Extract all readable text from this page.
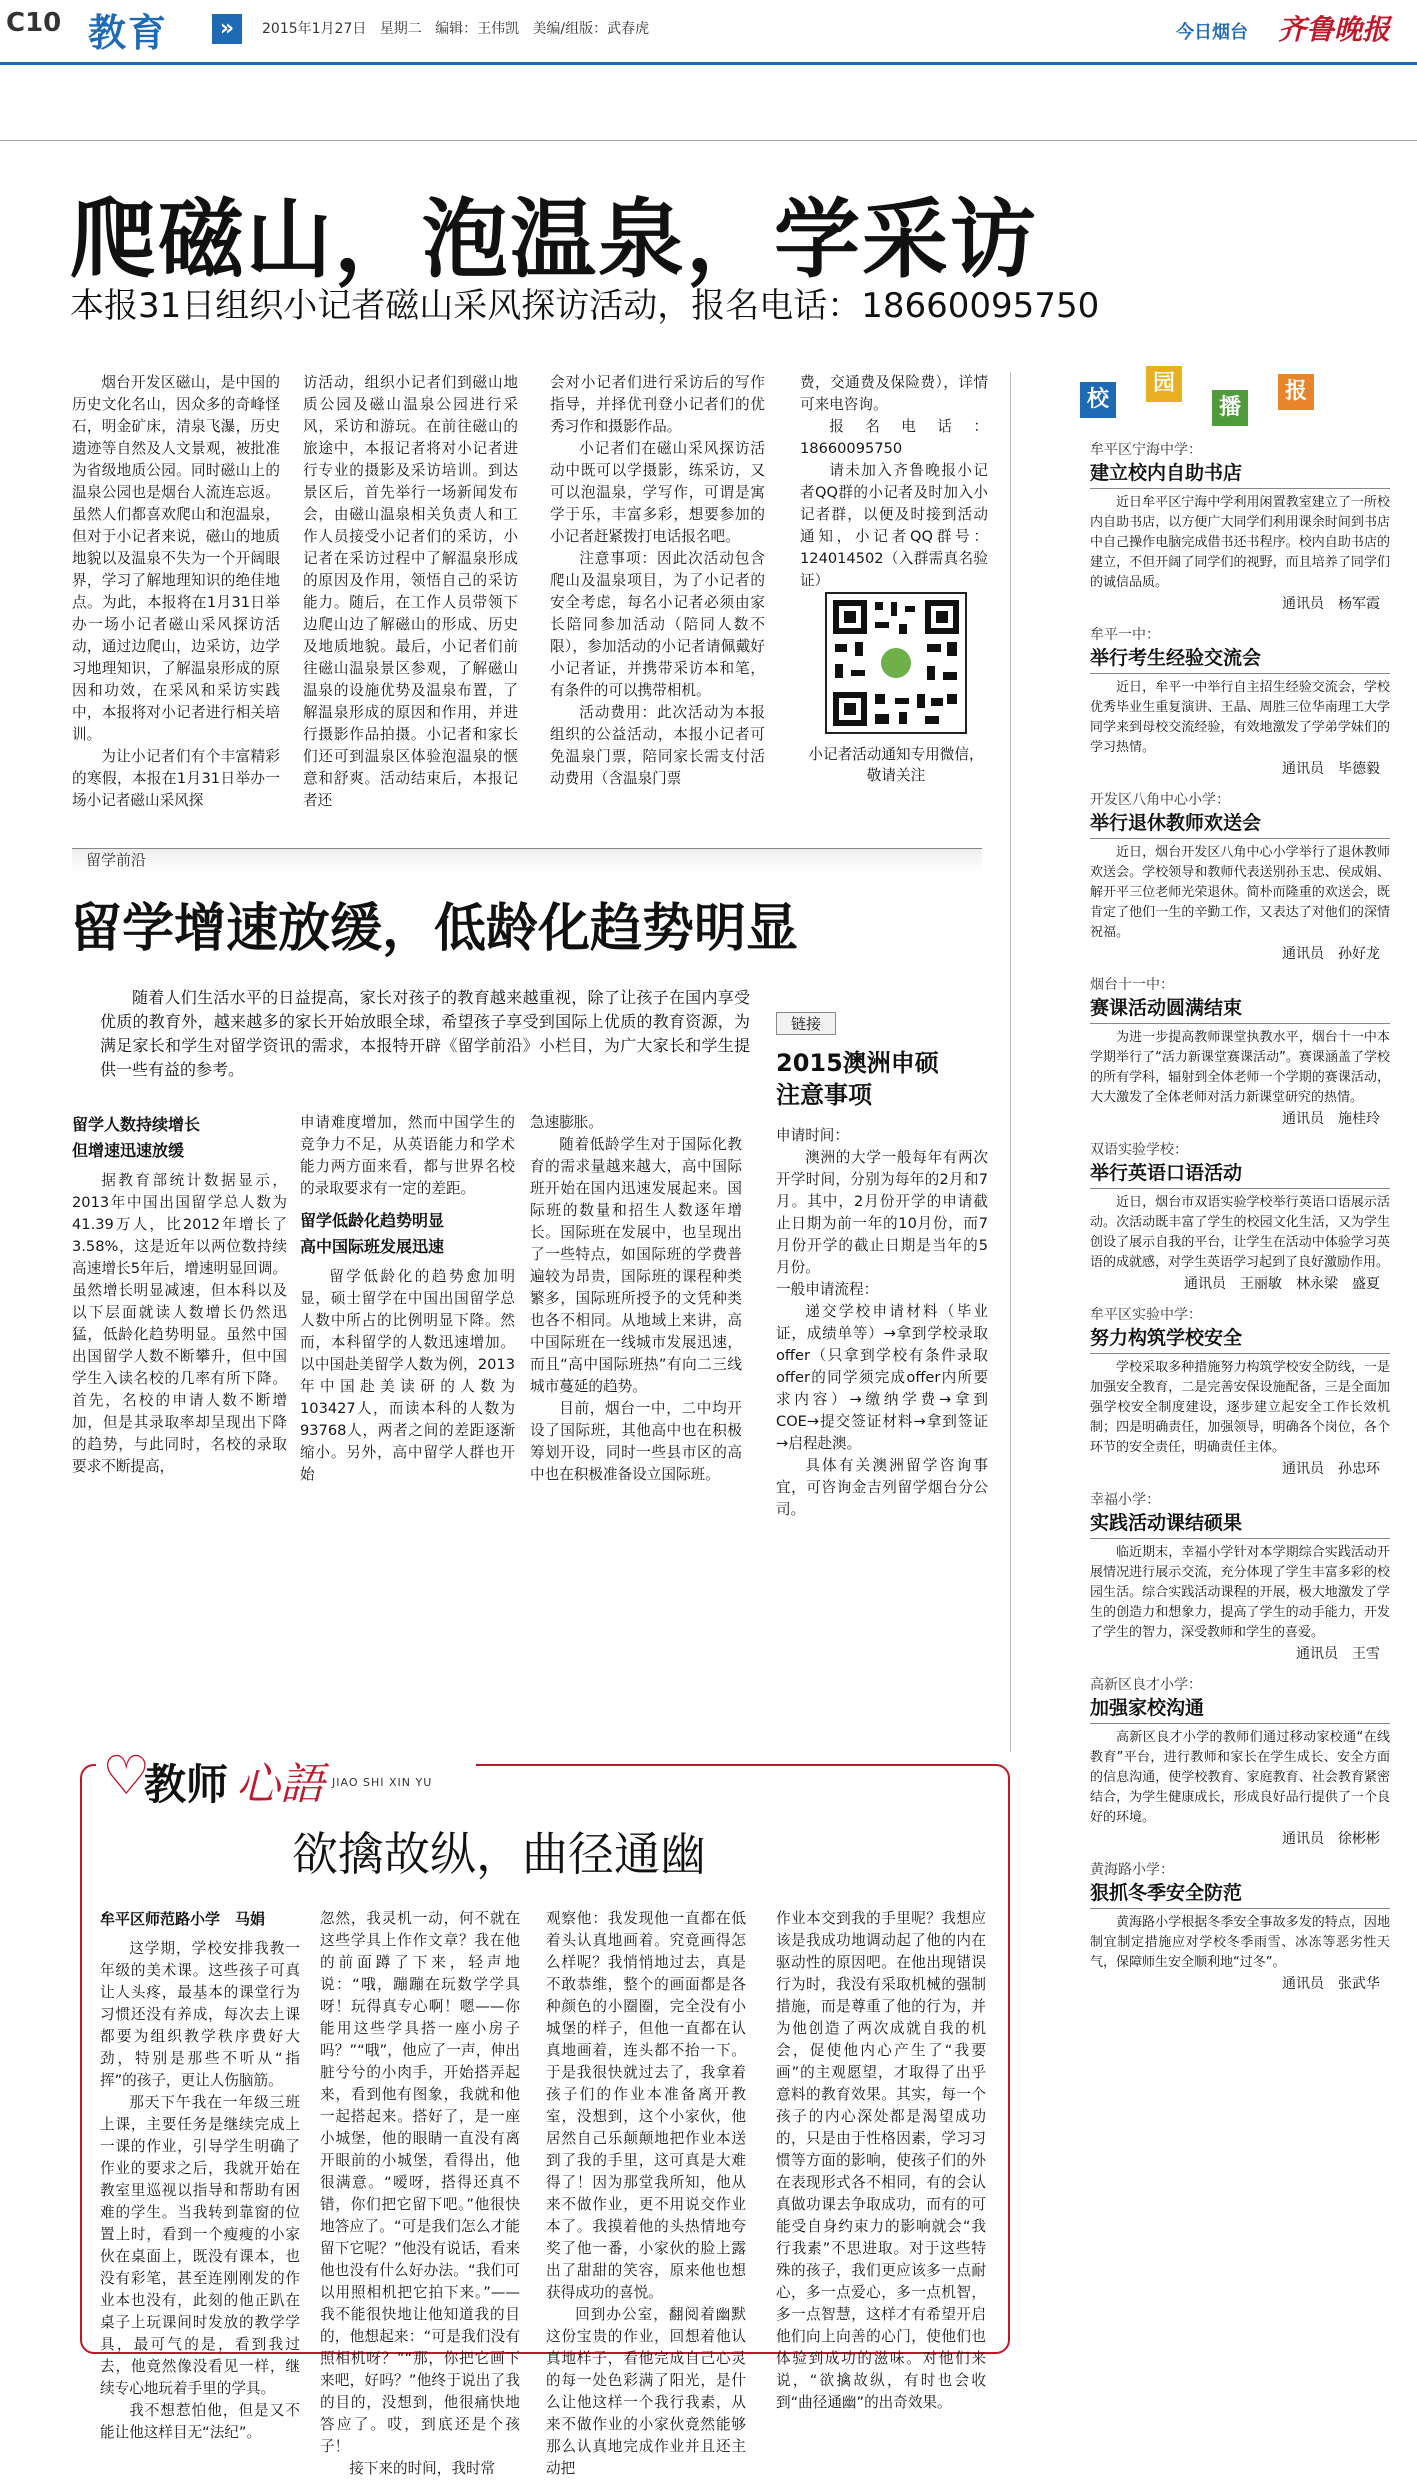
C10 教育	»	2015年1月27日 星期二 编辑：王伟凯 美编/组版：武春虎	今日烟台 齐鲁晚报
爬磁山，泡温泉，学采访
本报31日组织小记者磁山采风探访活动，报名电话：18660095750

烟台开发区磁山，是中国的历史文化名山，因众多的奇峰怪石，明金矿床，清泉飞瀑，历史遗迹等自然及人文景观，被批准为省级地质公园。同时磁山上的温泉公园也是烟台人流连忘返。虽然人们都喜欢爬山和泡温泉，但对于小记者来说，磁山的地质地貌以及温泉不失为一个开阔眼界，学习了解地理知识的绝佳地点。为此，本报将在1月31日举办一场小记者磁山采风探访活动，通过边爬山，边采访，边学习地理知识，了解温泉形成的原因和功效，在采风和采访实践中，本报将对小记者进行相关培训。

为让小记者们有个丰富精彩的寒假，本报在1月31日举办一场小记者磁山采风探

访活动，组织小记者们到磁山地质公园及磁山温泉公园进行采风，采访和游玩。在前往磁山的旅途中，本报记者将对小记者进行专业的摄影及采访培训。到达景区后，首先举行一场新闻发布会，由磁山温泉相关负责人和工作人员接受小记者们的采访，小记者在采访过程中了解温泉形成的原因及作用，领悟自己的采访能力。随后，在工作人员带领下边爬山边了解磁山的形成、历史及地质地貌。最后，小记者们前往磁山温泉景区参观，了解磁山温泉的设施优势及温泉布置，了解温泉形成的原因和作用，并进行摄影作品拍摄。小记者和家长们还可到温泉区体验泡温泉的惬意和舒爽。活动结束后，本报记者还

会对小记者们进行采访后的写作指导，并择优刊登小记者们的优秀习作和摄影作品。

小记者们在磁山采风探访活动中既可以学摄影，练采访，又可以泡温泉，学写作，可谓是寓学于乐，丰富多彩，想要参加的小记者赶紧拨打电话报名吧。

注意事项：因此次活动包含爬山及温泉项目，为了小记者的安全考虑，每名小记者必须由家长陪同参加活动（陪同人数不限），参加活动的小记者请佩戴好小记者证，并携带采访本和笔，有条件的可以携带相机。

活动费用：此次活动为本报组织的公益活动，本报小记者可免温泉门票，陪同家长需支付活动费用（含温泉门票

费，交通费及保险费），详情可来电咨询。

报名电话：18660095750

请未加入齐鲁晚报小记者QQ群的小记者及时加入小记者群，以便及时接到活动通知，小记者QQ群号：124014502（入群需真名验证）

小记者活动通知专用微信，敬请关注
留学前沿
留学增速放缓，低龄化趋势明显
随着人们生活水平的日益提高，家长对孩子的教育越来越重视，除了让孩子在国内享受优质的教育外，越来越多的家长开始放眼全球，希望孩子享受到国际上优质的教育资源，为满足家长和学生对留学资讯的需求，本报特开辟《留学前沿》小栏目，为广大家长和学生提供一些有益的参考。
留学人数持续增长
但增速迅速放缓

据教育部统计数据显示，2013年中国出国留学总人数为41.39万人，比2012年增长了3.58%，这是近年以两位数持续高速增长5年后，增速明显回调。虽然增长明显减速，但本科以及以下层面就读人数增长仍然迅猛，低龄化趋势明显。虽然中国出国留学人数不断攀升，但中国学生入读名校的几率有所下降。首先，名校的申请人数不断增加，但是其录取率却呈现出下降的趋势，与此同时，名校的录取要求不断提高，

申请难度增加，然而中国学生的竞争力不足，从英语能力和学术能力两方面来看，都与世界名校的录取要求有一定的差距。

留学低龄化趋势明显
高中国际班发展迅速

留学低龄化的趋势愈加明显，硕士留学在中国出国留学总人数中所占的比例明显下降。然而，本科留学的人数迅速增加。以中国赴美留学人数为例，2013年中国赴美读研的人数为103427人，而读本科的人数为93768人，两者之间的差距逐渐缩小。另外，高中留学人群也开始

急速膨胀。

随着低龄学生对于国际化教育的需求量越来越大，高中国际班开始在国内迅速发展起来。国际班的数量和招生人数逐年增长。国际班在发展中，也呈现出了一些特点，如国际班的学费普遍较为昂贵，国际班的课程种类繁多，国际班所授予的文凭种类也各不相同。从地域上来讲，高中国际班在一线城市发展迅速，而且“高中国际班热”有向二三线城市蔓延的趋势。

目前，烟台一中，二中均开设了国际班，其他高中也在积极筹划开设，同时一些县市区的高中也在积极准备设立国际班。

链接
2015澳洲申硕
注意事项

申请时间：

澳洲的大学一般每年有两次开学时间，分别为每年的2月和7月。其中，2月份开学的申请截止日期为前一年的10月份，而7月份开学的截止日期是当年的5月份。

一般申请流程：

递交学校申请材料（毕业证，成绩单等）→拿到学校录取offer（只拿到学校有条件录取offer的同学须完成offer内所要求内容）→缴纳学费→拿到COE→提交签证材料→拿到签证→启程赴澳。

具体有关澳洲留学咨询事宜，可咨询金吉列留学烟台分公司。

♡
教师 心語 JIAO SHI XIN YU
欲擒故纵，曲径通幽
牟平区师范路小学　马娟

这学期，学校安排我教一年级的美术课。这些孩子可真让人头疼，最基本的课堂行为习惯还没有养成，每次去上课都要为组织教学秩序费好大劲，特别是那些不听从“指挥”的孩子，更让人伤脑筋。

那天下午我在一年级三班上课，主要任务是继续完成上一课的作业，引导学生明确了作业的要求之后，我就开始在教室里巡视以指导和帮助有困难的学生。当我转到靠窗的位置上时，看到一个瘦瘦的小家伙在桌面上，既没有课本，也没有彩笔，甚至连刚刚发的作业本也没有，此刻的他正趴在桌子上玩课间时发放的教学学具，最可气的是，看到我过去，他竟然像没看见一样，继续专心地玩着手里的学具。

我不想惹怕他，但是又不能让他这样目无“法纪”。

忽然，我灵机一动，何不就在这些学具上作作文章？我在他的前面蹲了下来，轻声地说：“哦，蹦蹦在玩数学学具呀！玩得真专心啊！嗯——你能用这些学具搭一座小房子吗？”“哦”，他应了一声，伸出脏兮兮的小肉手，开始搭弄起来，看到他有图象，我就和他一起搭起来。搭好了，是一座小城堡，他的眼睛一直没有离开眼前的小城堡，看得出，他很满意。“嗳呀，搭得还真不错，你们把它留下吧。”他很快地答应了。“可是我们怎么才能留下它呢？”他没有说话，看来他也没有什么好办法。“我们可以用照相机把它拍下来。”——我不能很快地让他知道我的目的，他想起来：“可是我们没有照相机呀？”“那，你把它画下来吧，好吗？”他终于说出了我的目的，没想到，他很痛快地答应了。哎，到底还是个孩子！

接下来的时间，我时常

观察他：我发现他一直都在低着头认真地画着。究竟画得怎么样呢？我悄悄地过去，真是不敢恭维，整个的画面都是各种颜色的小圈圈，完全没有小城堡的样子，但他一直都在认真地画着，连头都不抬一下。于是我很快就过去了，我拿着孩子们的作业本准备离开教室，没想到，这个小家伙，他居然自己乐颠颠地把作业本送到了我的手里，这可真是大难得了！因为那堂我所知，他从来不做作业，更不用说交作业本了。我摸着他的头热情地夸奖了他一番，小家伙的脸上露出了甜甜的笑容，原来他也想获得成功的喜悦。

回到办公室，翻阅着幽默这份宝贵的作业，回想着他认真地样子，看他完成自己心灵的每一处色彩满了阳光，是什么让他这样一个我行我素，从来不做作业的小家伙竟然能够那么认真地完成作业并且还主动把

作业本交到我的手里呢？我想应该是我成功地调动起了他的内在驱动性的原因吧。在他出现错误行为时，我没有采取机械的强制措施，而是尊重了他的行为，并为他创造了两次成就自我的机会，促使他内心产生了“我要画”的主观愿望，才取得了出乎意料的教育效果。其实，每一个孩子的内心深处都是渴望成功的，只是由于性格因素，学习习惯等方面的影响，使孩子们的外在表现形式各不相同，有的会认真做功课去争取成功，而有的可能受自身约束力的影响就会“我行我素”不思进取。对于这些特殊的孩子，我们更应该多一点耐心，多一点爱心，多一点机智，多一点智慧，这样才有希望开启他们向上向善的心门，使他们也体验到成功的滋味。对他们来说，“欲擒故纵，有时也会收到“曲径通幽”的出奇效果。

校
园
播
报
牟平区宁海中学：
建立校内自助书店

近日牟平区宁海中学利用闲置教室建立了一所校内自助书店，以方便广大同学们利用课余时间到书店中自己操作电脑完成借书还书程序。校内自助书店的建立，不但开阔了同学们的视野，而且培养了同学们的诚信品质。

通讯员　杨军霞
牟平一中：
举行考生经验交流会

近日，牟平一中举行自主招生经验交流会，学校优秀毕业生重复演讲、王晶、周胜三位华南理工大学同学来到母校交流经验，有效地激发了学弟学妹们的学习热情。

通讯员　毕德毅
开发区八角中心小学：
举行退休教师欢送会

近日，烟台开发区八角中心小学举行了退休教师欢送会。学校领导和教师代表送别孙玉忠、侯成娟、解开平三位老师光荣退休。简朴而隆重的欢送会，既肯定了他们一生的辛勤工作，又表达了对他们的深情祝福。

通讯员　孙好龙
烟台十一中：
赛课活动圆满结束

为进一步提高教师课堂执教水平，烟台十一中本学期举行了“活力新课堂赛课活动”。赛课涵盖了学校的所有学科，辐射到全体老师一个学期的赛课活动，大大激发了全体老师对活力新课堂研究的热情。

通讯员　施桂玲
双语实验学校：
举行英语口语活动

近日，烟台市双语实验学校举行英语口语展示活动。次活动既丰富了学生的校园文化生活，又为学生创设了展示自我的平台，让学生在活动中体验学习英语的成就感，对学生英语学习起到了良好激励作用。

通讯员　王丽敏　林永梁　盛夏
牟平区实验中学：
努力构筑学校安全

学校采取多种措施努力构筑学校安全防线，一是加强安全教育，二是完善安保设施配备，三是全面加强学校安全制度建设，逐步建立起安全工作长效机制；四是明确责任，加强领导，明确各个岗位，各个环节的安全责任，明确责任主体。

通讯员　孙忠环
幸福小学：
实践活动课结硕果

临近期末，幸福小学针对本学期综合实践活动开展情况进行展示交流，充分体现了学生丰富多彩的校园生活。综合实践活动课程的开展，极大地激发了学生的创造力和想象力，提高了学生的动手能力，开发了学生的智力，深受教师和学生的喜爱。

通讯员　王雪
高新区良才小学：
加强家校沟通

高新区良才小学的教师们通过移动家校通“在线教育”平台，进行教师和家长在学生成长、安全方面的信息沟通，使学校教育、家庭教育、社会教育紧密结合，为学生健康成长，形成良好品行提供了一个良好的环境。

通讯员　徐彬彬
黄海路小学：
狠抓冬季安全防范

黄海路小学根据冬季安全事故多发的特点，因地制宜制定措施应对学校冬季雨雪、冰冻等恶劣性天气，保障师生安全顺利地“过冬”。

通讯员　张武华
